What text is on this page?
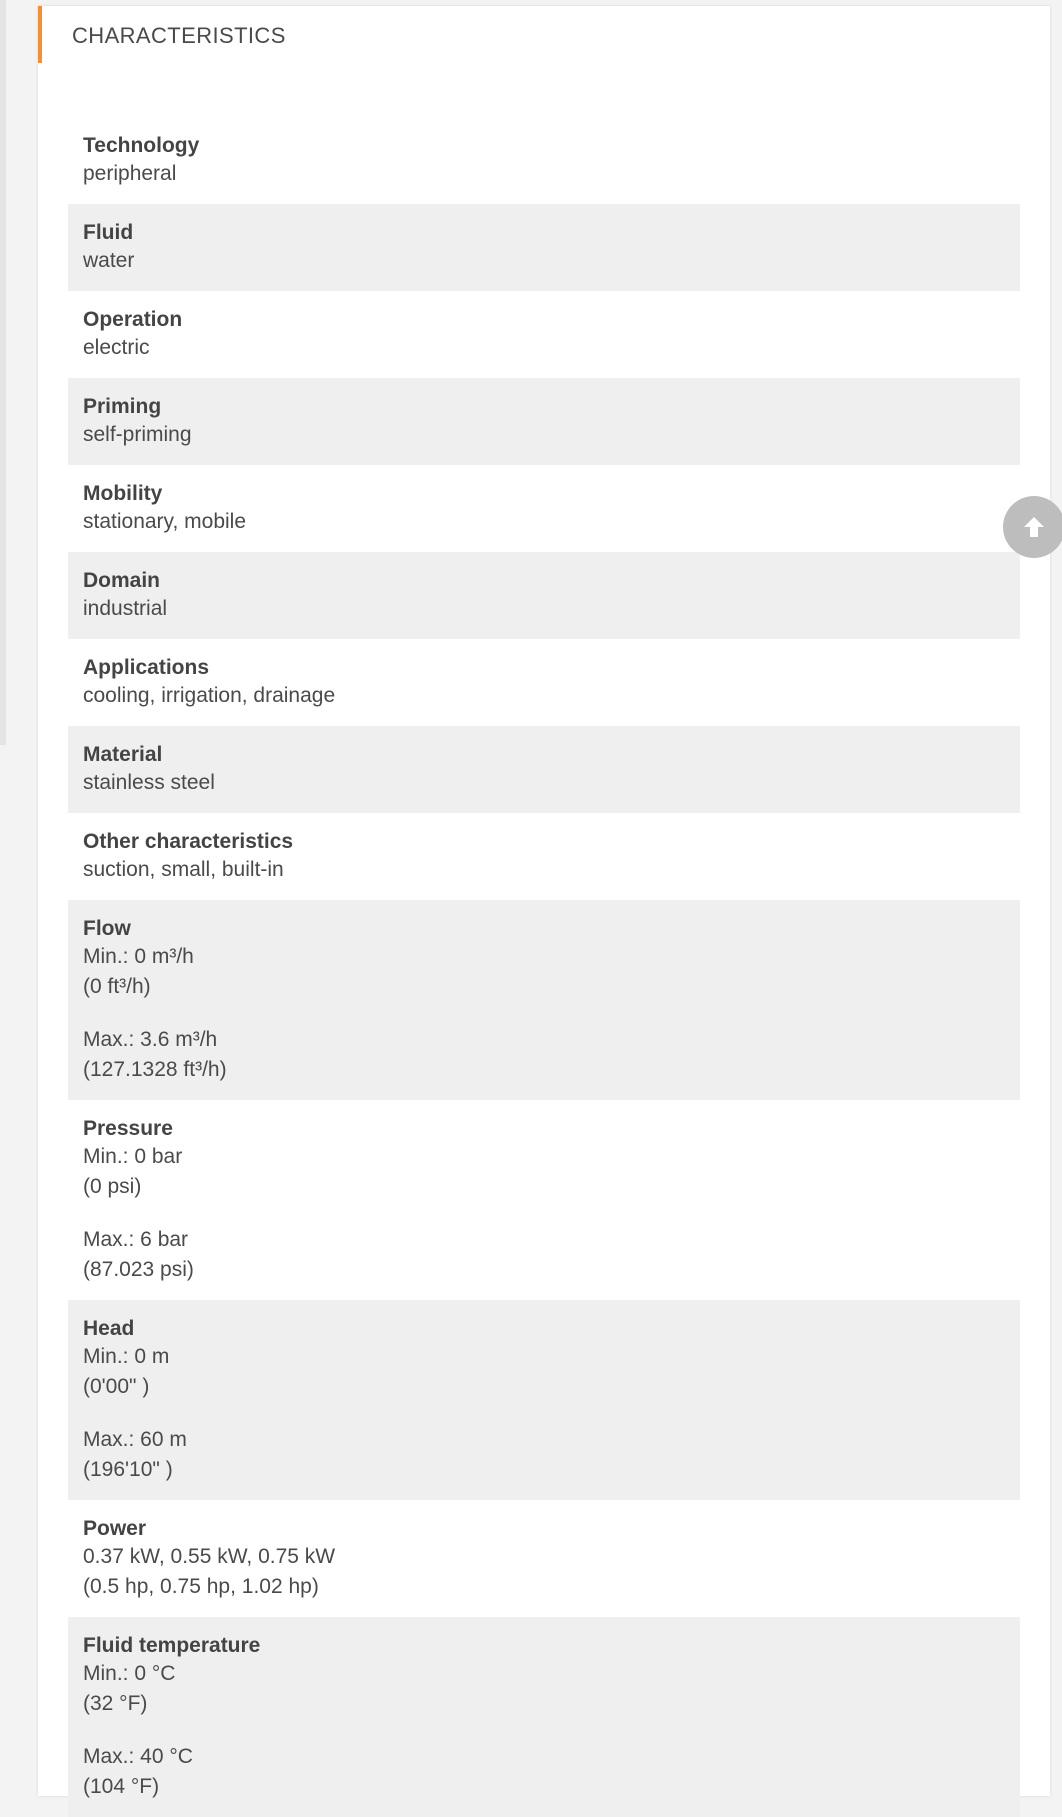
CHARACTERISTICS
Technology
peripheral
Fluid
water
Operation
electric
Priming
self-priming
Mobility
stationary, mobile
Domain
industrial
Applications
cooling, irrigation, drainage
Material
stainless steel
Other characteristics
suction, small, built-in
Flow
Min.: 0 m³/h
(0 ft³/h)
Max.: 3.6 m³/h
(127.1328 ft³/h)
Pressure
Min.: 0 bar
(0 psi)
Max.: 6 bar
(87.023 psi)
Head
Min.: 0 m
(0'00" )
Max.: 60 m
(196'10" )
Power
0.37 kW, 0.55 kW, 0.75 kW
(0.5 hp, 0.75 hp, 1.02 hp)
Fluid temperature
Min.: 0 °C
(32 °F)
Max.: 40 °C
(104 °F)
